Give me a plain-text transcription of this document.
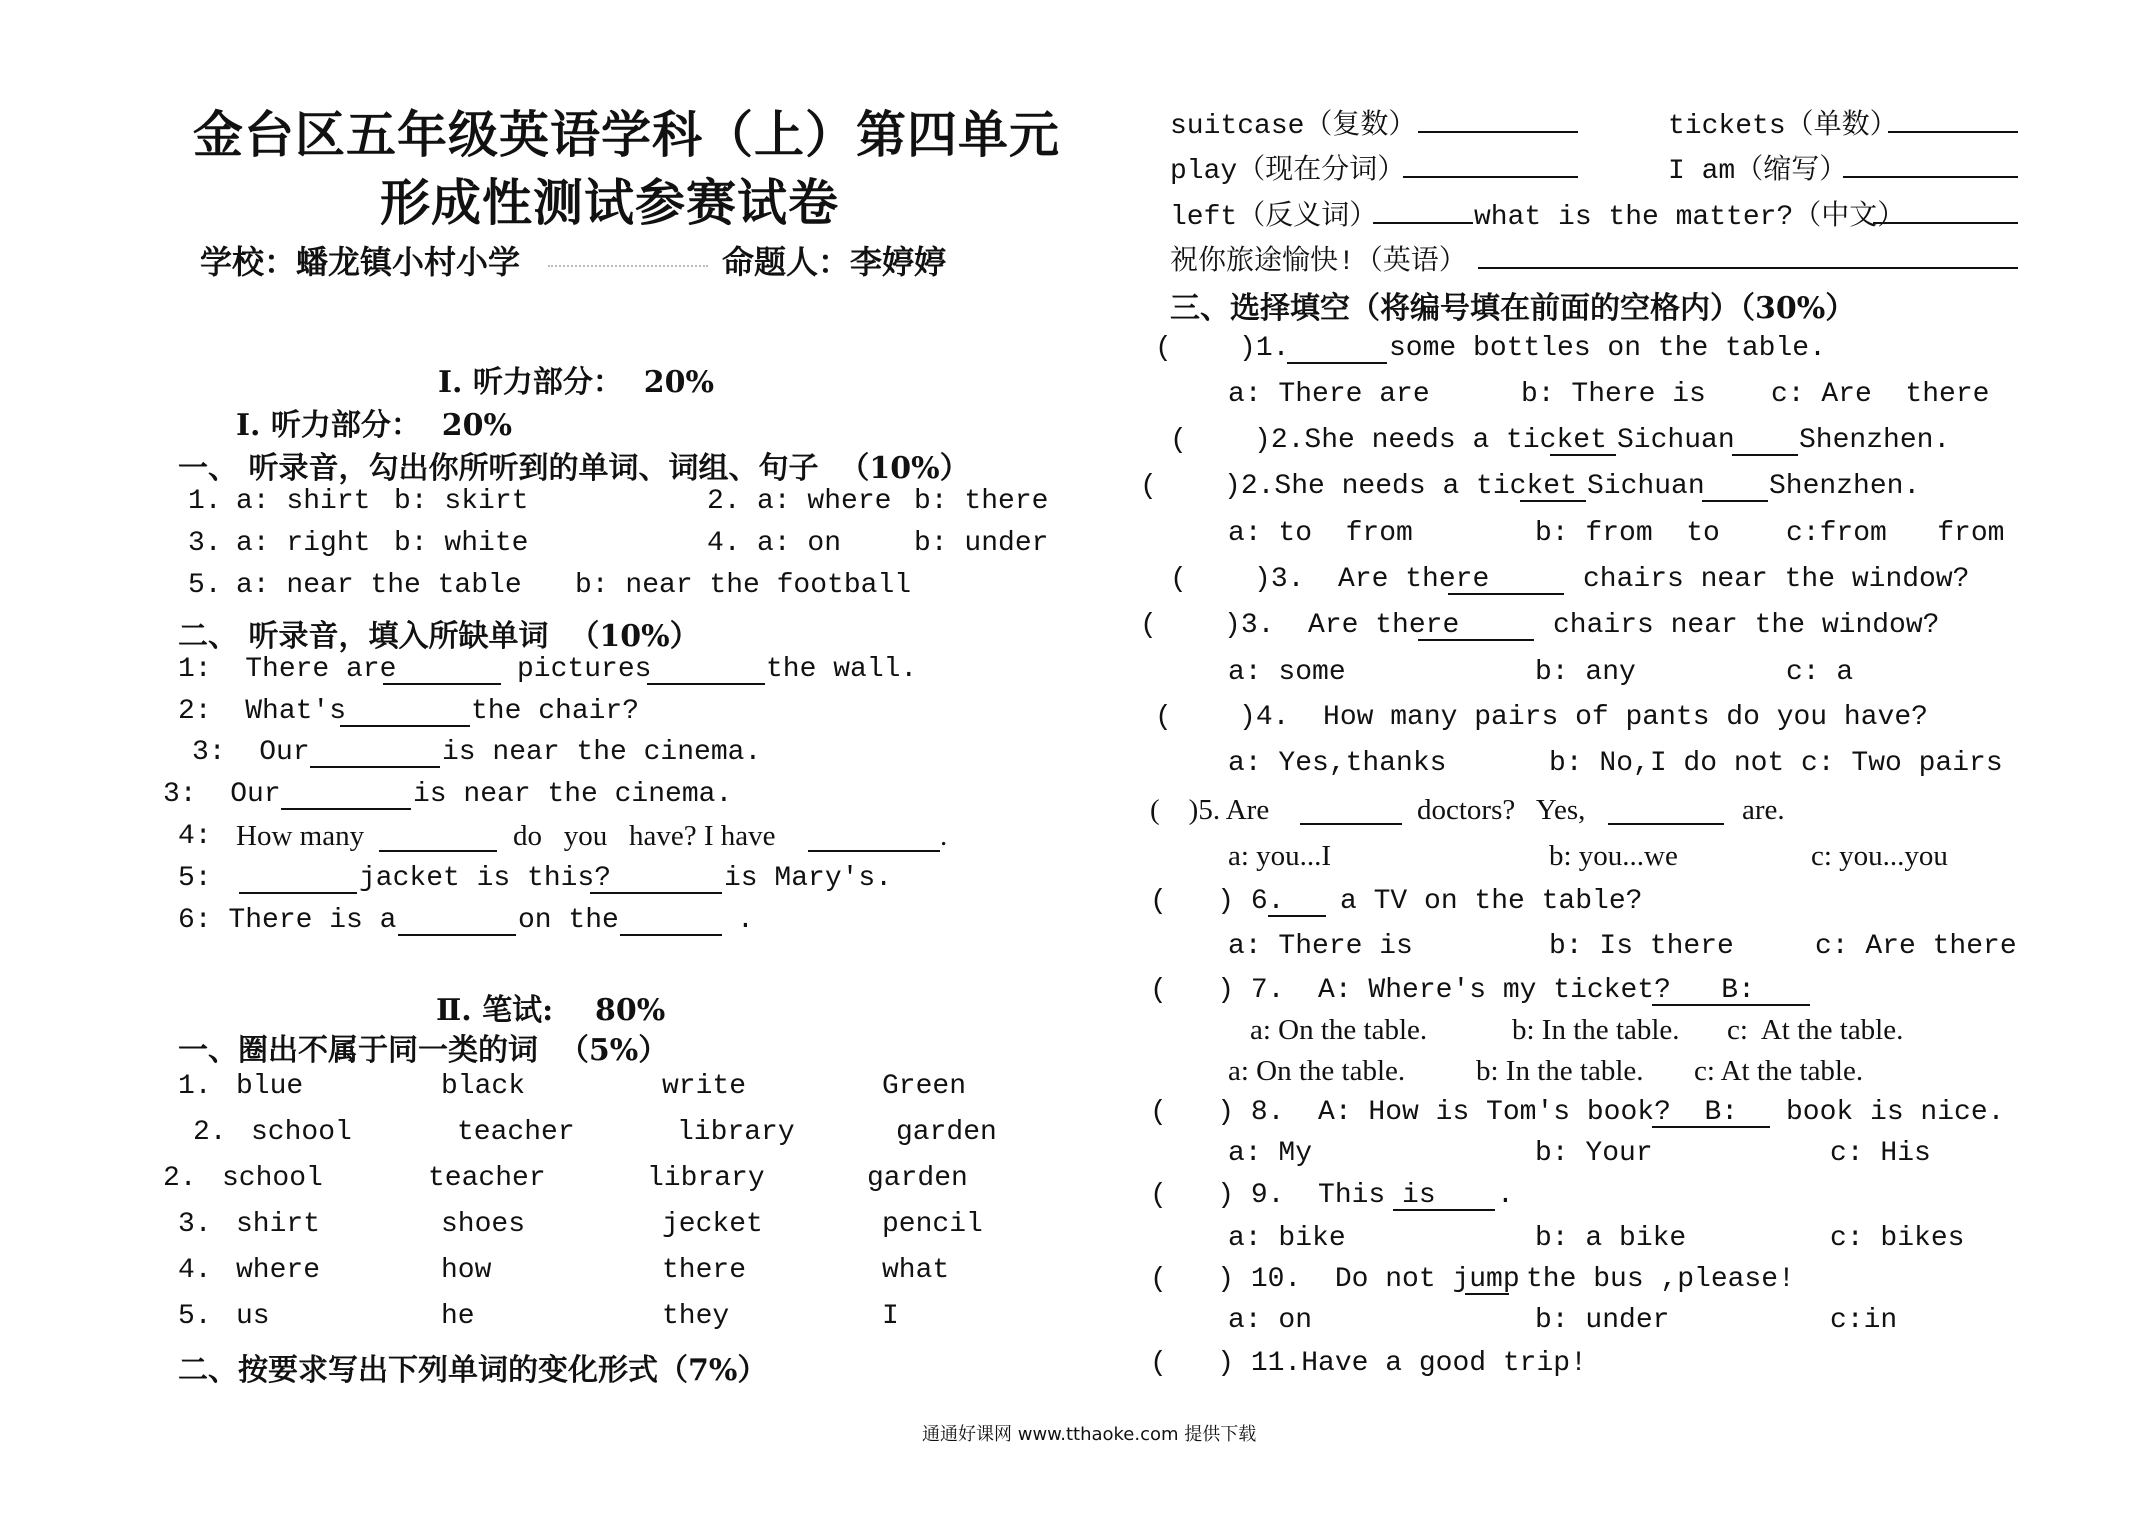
金台区五年级英语学科（上）第四单元
形成性测试参赛试卷
学校：蟠龙镇小村小学	命题人：李婷婷
Ⅰ. 听力部分：  20%
Ⅰ. 听力部分：  20%
一、 听录音，勾出你所听到的单词、词组、句子  （10%）
1. a: shirt b: skirt	2. a: where b: there
3. a: right b: white	4. a: on	b: under
5. a: near the table b: near the football
二、 听录音，填入所缺单词  （10%）
1:  There are	pictures	the wall.
2:  What's	the chair?
3:  Our	is near the cinema.
3:  Our	is near the cinema.
4: How many	do   you   have? I have	.
5:	jacket is this?	is Mary's.
6: There is a	on the	.
Ⅱ. 笔试:    80%
一、圈出不属于同一类的词  （5%）
1. blue	black	write	Green
2. school	teacher	library	garden
2. school	teacher	library	garden
3. shirt	shoes	jecket	pencil
4. where	how	there	what
5. us	he	they	I
二、按要求写出下列单词的变化形式（7%）
suitcase（复数）	tickets（单数）
play（现在分词）	I am（缩写）
left（反义词）	what is the matter?（中文）
祝你旅途愉快!（英语）
三、选择填空（将编号填在前面的空格内）（30%）
(    )1.	some bottles on the table.
a: There are	b: There is c: Are  there
(    )2.She needs a ticket Sichuan Shenzhen.
(    )2.She needs a ticket Sichuan Shenzhen.
a: to  from	b: from  to c:from   from
(    )3.  Are there	chairs near the window?
(    )3.  Are there	chairs near the window?
a: some	b: any	c: a
(    )4.  How many pairs of pants do you have?
a: Yes,thanks	b: No,I do not c: Two pairs
(    )5. Are	doctors?   Yes,	are.
a: you...I	b: you...we	c: you...you
(   ) 6. a TV on the table?
a: There is	b: Is there	c: Are there
(   ) 7.  A: Where's my ticket?   B:
a: On the table.	b: In the table. c:  At the table.
a: On the table. b: In the table. c: At the table.
(   ) 8.  A: How is Tom's book?  B: book is nice.
a: My	b: Your	c: His
(   ) 9.  This is .
a: bike	b: a bike	c: bikes
(   ) 10.  Do not jump the bus ,please!
a: on	b: under	c:in
(   ) 11.Have a good trip!
通通好课网 www.tthaoke.com 提供下载
